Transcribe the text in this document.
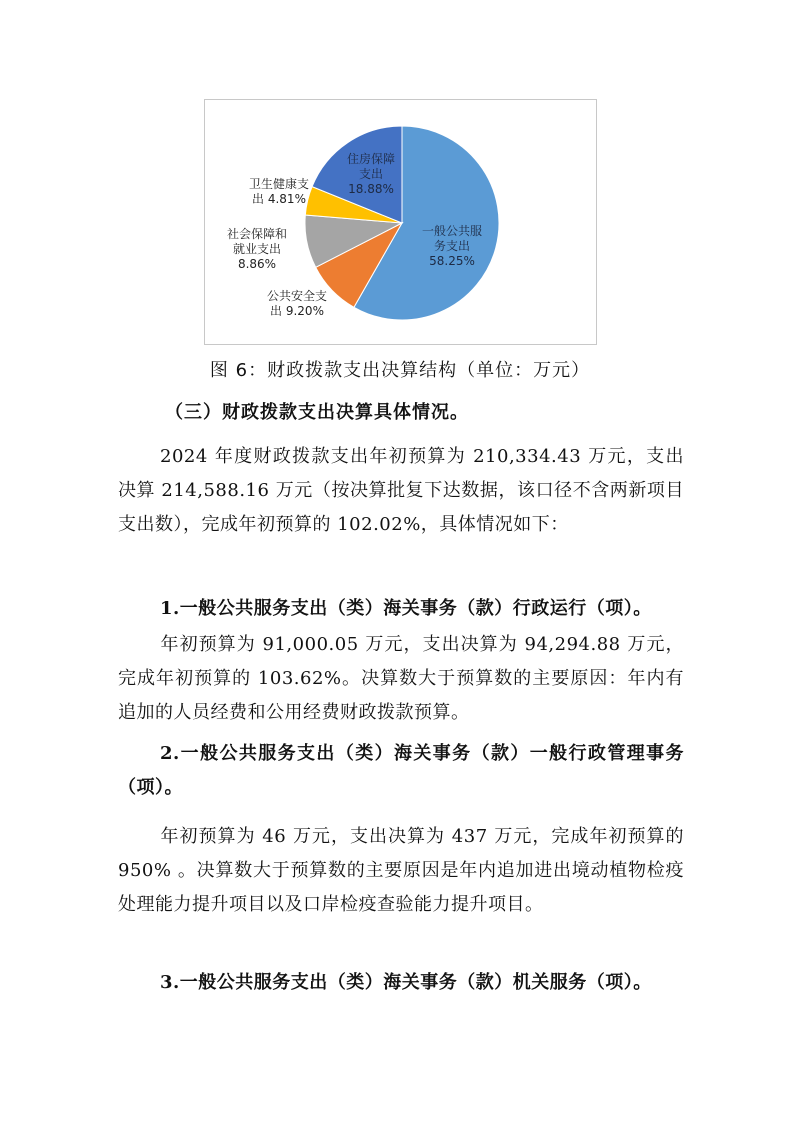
一般公共服务支出 58.25%
公共安全支出 9.20%
社会保障和就业支出 8.86%
卫生健康支出 4.81%
住房保障支出 18.88%
图 6：财政拨款支出决算结构（单位：万元）
（三）财政拨款支出决算具体情况。
2024 年度财政拨款支出年初预算为 210,334.43 万元，支出决算 214,588.16 万元（按决算批复下达数据，该口径不含两新项目支出数），完成年初预算的 102.02%，具体情况如下：
1.一般公共服务支出（类）海关事务（款）行政运行（项）。
年初预算为 91,000.05 万元，支出决算为 94,294.88 万元，完成年初预算的 103.62%。决算数大于预算数的主要原因：年内有追加的人员经费和公用经费财政拨款预算。
2.一般公共服务支出（类）海关事务（款）一般行政管理事务（项）。
年初预算为 46 万元，支出决算为 437 万元，完成年初预算的 950% 。决算数大于预算数的主要原因是年内追加进出境动植物检疫处理能力提升项目以及口岸检疫查验能力提升项目。
3.一般公共服务支出（类）海关事务（款）机关服务（项）。
